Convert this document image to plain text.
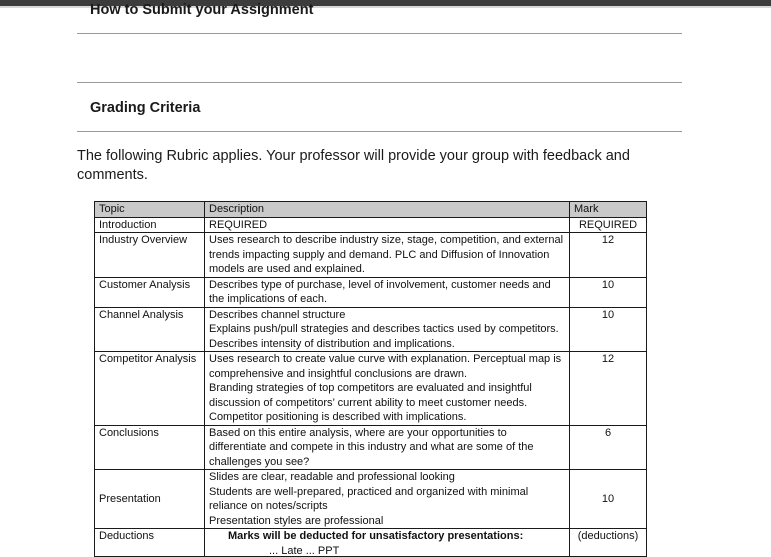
How to Submit your Assignment
Grading Criteria
The following Rubric applies. Your professor will provide your group with feedback and comments.
Topic	Description	Mark
Introduction	REQUIRED	REQUIRED
Industry Overview	Uses research to describe industry size, stage, competition, and external trends impacting supply and demand. PLC and Diffusion of Innovation models are used and explained.	12
Customer Analysis	Describes type of purchase, level of involvement, customer needs and the implications of each.	10
Channel Analysis	Describes channel structure
Explains push/pull strategies and describes tactics used by competitors. Describes intensity of distribution and implications.	10
Competitor Analysis	Uses research to create value curve with explanation. Perceptual map is comprehensive and insightful conclusions are drawn.
Branding strategies of top competitors are evaluated and insightful discussion of competitors’ current ability to meet customer needs.
Competitor positioning is described with implications.	12
Conclusions	Based on this entire analysis, where are your opportunities to differentiate and compete in this industry and what are some of the challenges you see?	6
Presentation	Slides are clear, readable and professional looking
Students are well-prepared, practiced and organized with minimal reliance on notes/scripts
Presentation styles are professional	10
Deductions	Marks will be deducted for unsatisfactory presentations:
... Late ... PPT	(deductions)
